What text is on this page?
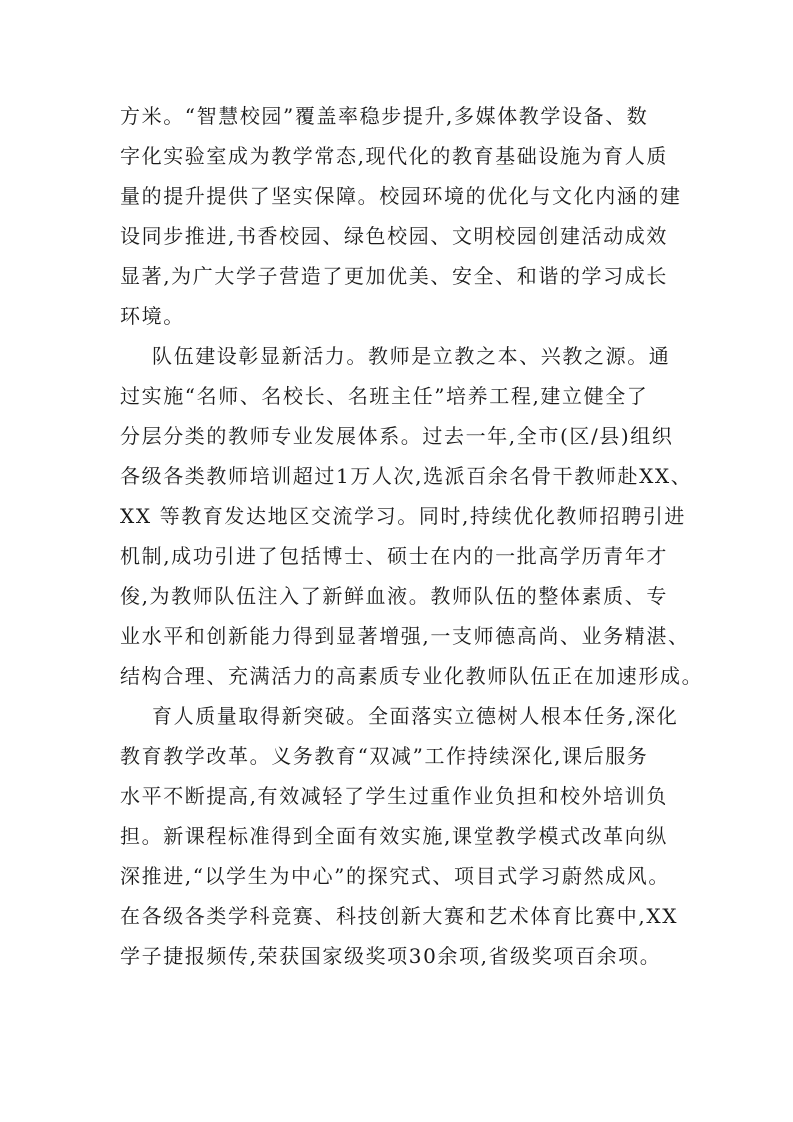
方米。“智慧校园”覆盖率稳步提升,多媒体教学设备、数
字化实验室成为教学常态,现代化的教育基础设施为育人质
量的提升提供了坚实保障。校园环境的优化与文化内涵的建
设同步推进,书香校园、绿色校园、文明校园创建活动成效
显著,为广大学子营造了更加优美、安全、和谐的学习成长
环境。
队伍建设彰显新活力。教师是立教之本、兴教之源。通
过实施“名师、名校长、名班主任”培养工程,建立健全了
分层分类的教师专业发展体系。过去一年,全市(区/县)组织
各级各类教师培训超过1万人次,选派百余名骨干教师赴XX、
XX 等教育发达地区交流学习。同时,持续优化教师招聘引进
机制,成功引进了包括博士、硕士在内的一批高学历青年才
俊,为教师队伍注入了新鲜血液。教师队伍的整体素质、专
业水平和创新能力得到显著增强,一支师德高尚、业务精湛、
结构合理、充满活力的高素质专业化教师队伍正在加速形成。
育人质量取得新突破。全面落实立德树人根本任务,深化
教育教学改革。义务教育“双减”工作持续深化,课后服务
水平不断提高,有效减轻了学生过重作业负担和校外培训负
担。新课程标准得到全面有效实施,课堂教学模式改革向纵
深推进,“以学生为中心”的探究式、项目式学习蔚然成风。
在各级各类学科竞赛、科技创新大赛和艺术体育比赛中,XX
学子捷报频传,荣获国家级奖项30余项,省级奖项百余项。
